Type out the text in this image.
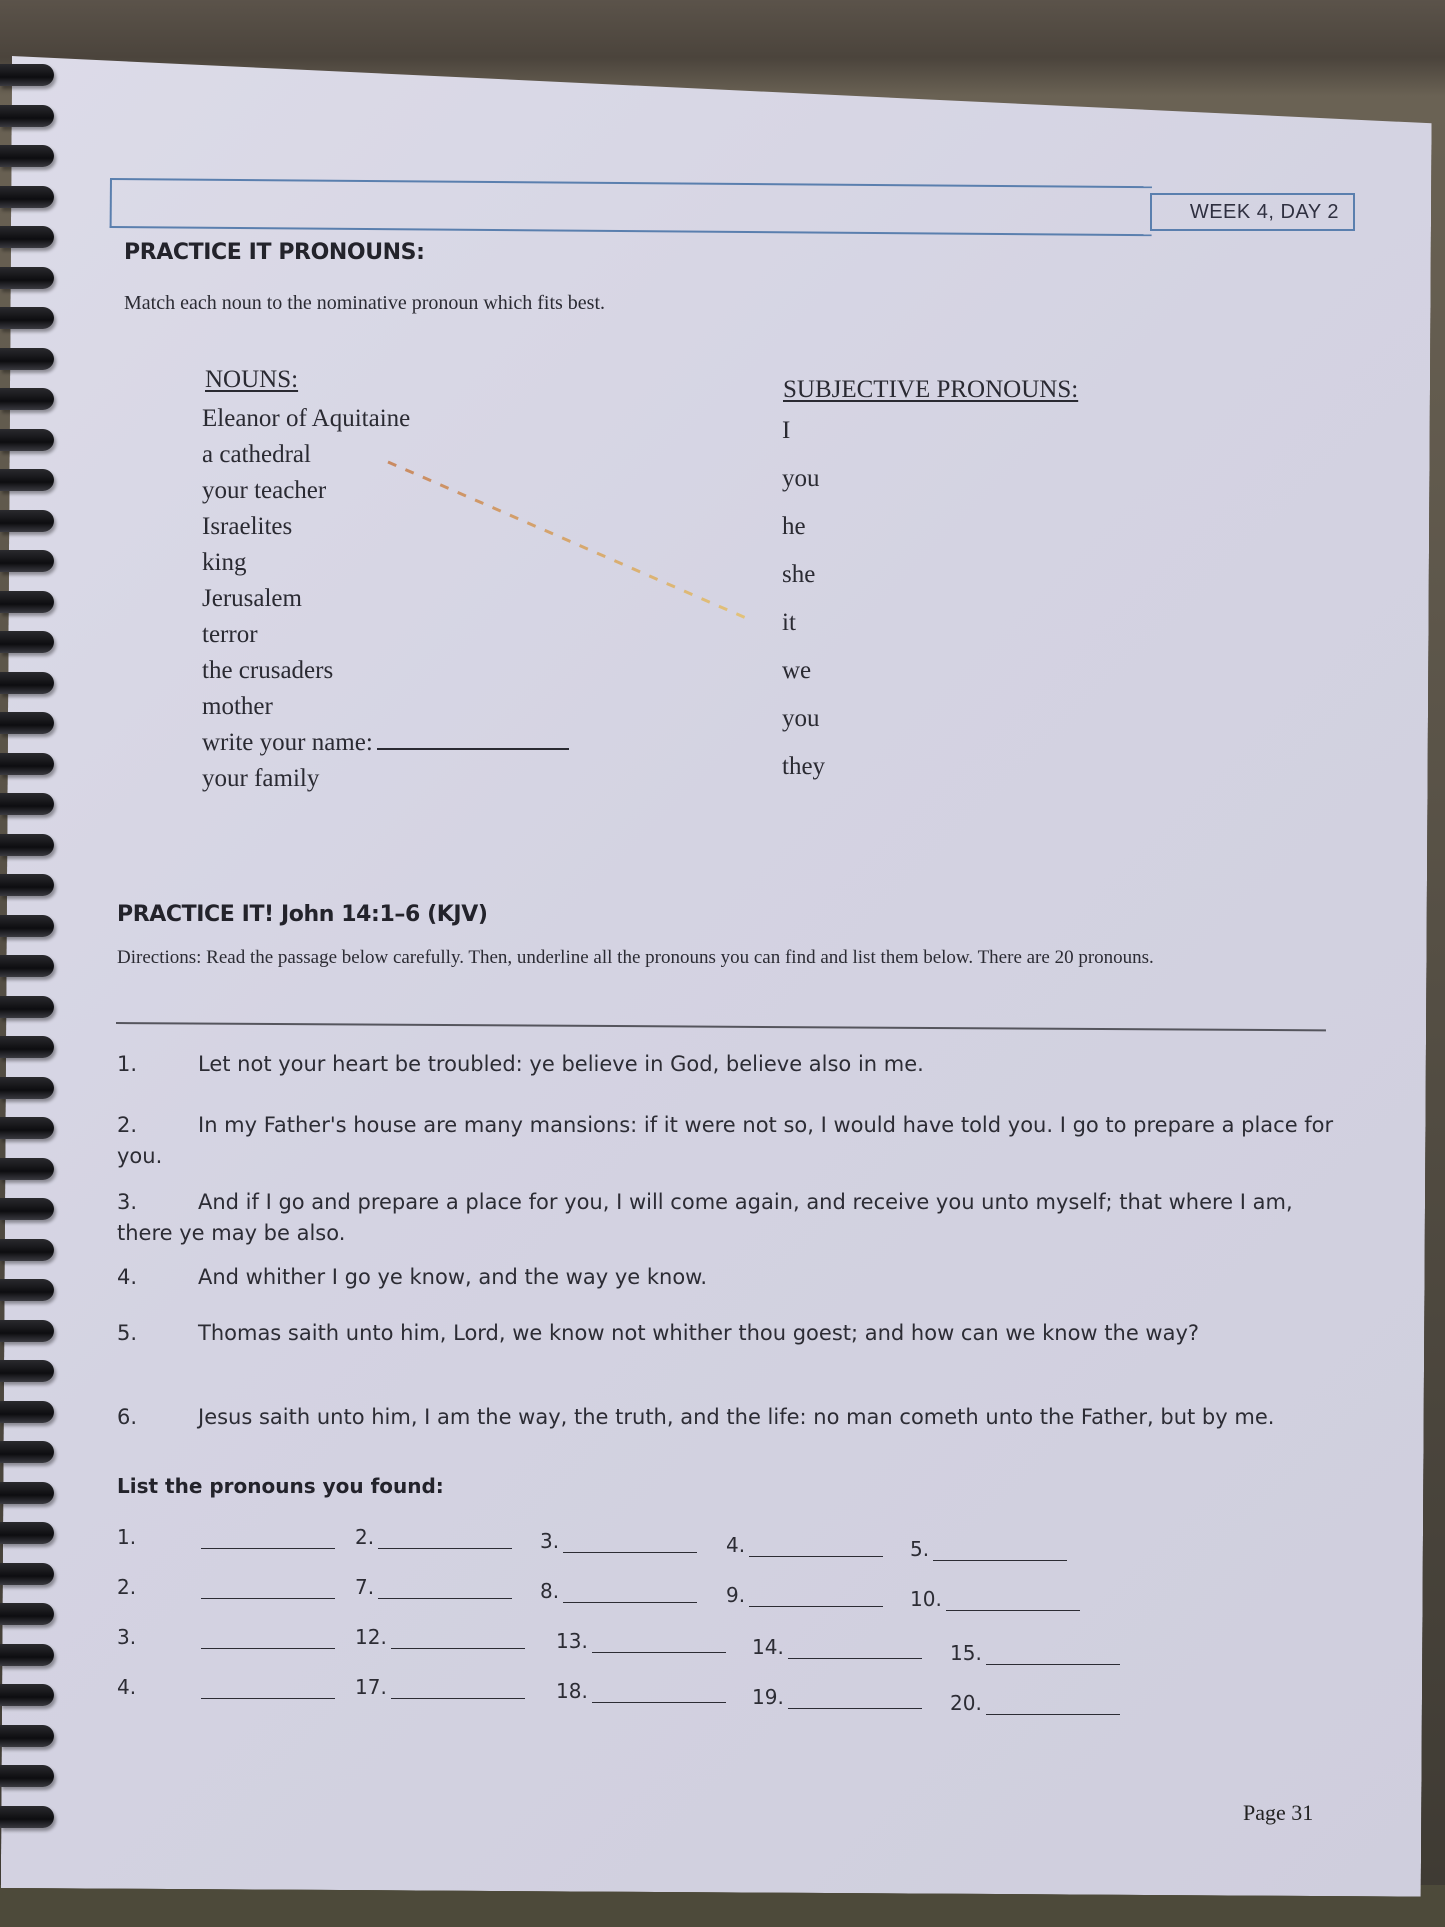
WEEK 4, DAY 2
PRACTICE IT PRONOUNS:
Match each noun to the nominative pronoun which fits best.
NOUNS:
Eleanor of Aquitaine
a cathedral
your teacher
Israelites
king
Jerusalem
terror
the crusaders
mother
write your name:
your family
SUBJECTIVE PRONOUNS:
I
you
he
she
it
we
you
they
PRACTICE IT! John 14:1–6 (KJV)
Directions: Read the passage below carefully. Then, underline all the pronouns you can find and list them below. There are 20 pronouns.
1.	Let not your heart be troubled: ye believe in God, believe also in me.
2.	In my Father's house are many mansions: if it were not so, I would have told you. I go to prepare a place for you.
3.	And if I go and prepare a place for you, I will come again, and receive you unto myself; that where I am, there ye may be also.
4.	And whither I go ye know, and the way ye know.
5.	Thomas saith unto him, Lord, we know not whither thou goest; and how can we know the way?
6.	Jesus saith unto him, I am the way, the truth, and the life: no man cometh unto the Father, but by me.
List the pronouns you found:
1.	2.	3.	4.	5.
2.	7.	8.	9.	10.
3.	12.	13.	14.	15.
4.	17.	18.	19.	20.
Page 31
